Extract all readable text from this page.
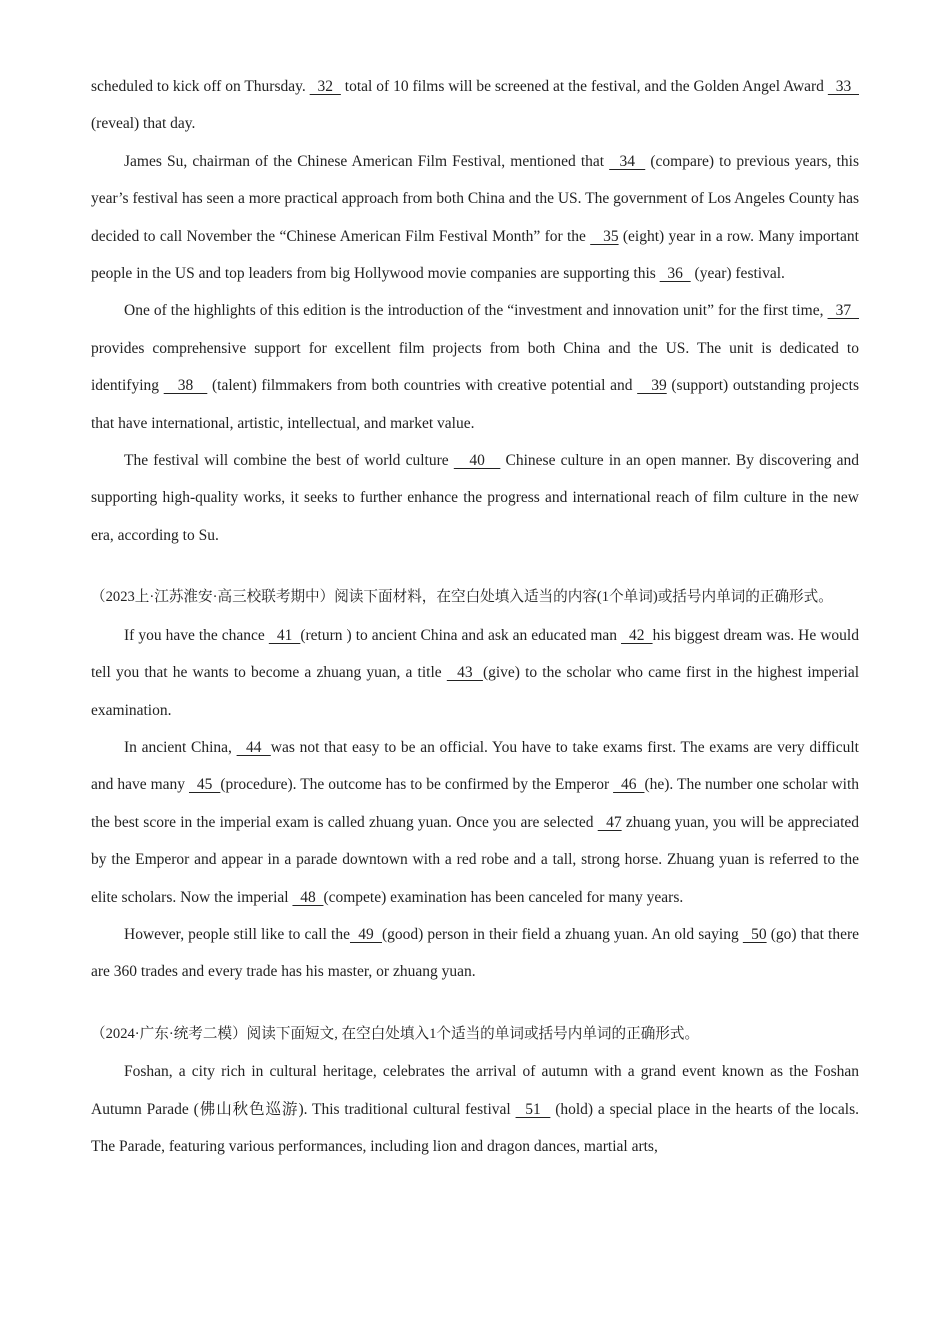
scheduled to kick off on Thursday.   32   total of 10 films will be screened at the festival, and the Golden Angel Award   33   (reveal) that day.

James Su, chairman of the Chinese American Film Festival, mentioned that   34   (compare) to previous years, this year’s festival has seen a more practical approach from both China and the US. The government of Los Angeles County has decided to call November the “Chinese American Film Festival Month” for the    35 (eight) year in a row. Many important people in the US and top leaders from big Hollywood movie companies are supporting this   36   (year) festival.

One of the highlights of this edition is the introduction of the “investment and innovation unit” for the first time,   37   provides comprehensive support for excellent film projects from both China and the US. The unit is dedicated to identifying    38    (talent) filmmakers from both countries with creative potential and    39 (support) outstanding projects that have international, artistic, intellectual, and market value.

The festival will combine the best of world culture    40    Chinese culture in an open manner. By discovering and supporting high-quality works, it seeks to further enhance the progress and international reach of film culture in the new era, according to Su.

（2023上·江苏淮安·高三校联考期中）阅读下面材料，在空白处填入适当的内容(1个单词)或括号内单词的正确形式。

If you have the chance   41  (return ) to ancient China and ask an educated man   42  his biggest dream was. He would tell you that he wants to become a zhuang yuan, a title   43  (give) to the scholar who came first in the highest imperial examination.

In ancient China,   44  was not that easy to be an official. You have to take exams first. The exams are very difficult and have many   45  (procedure). The outcome has to be confirmed by the Emperor   46  (he). The number one scholar with the best score in the imperial exam is called zhuang yuan. Once you are selected   47 zhuang yuan, you will be appreciated by the Emperor and appear in a parade downtown with a red robe and a tall, strong horse. Zhuang yuan is referred to the elite scholars. Now the imperial   48  (compete) examination has been canceled for many years.

However, people still like to call the  49  (good) person in their field a zhuang yuan. An old saying   50 (go) that there are 360 trades and every trade has his master, or zhuang yuan.

（2024·广东·统考二模）阅读下面短文, 在空白处填入1个适当的单词或括号内单词的正确形式。

Foshan, a city rich in cultural heritage, celebrates the arrival of autumn with a grand event known as the Foshan Autumn Parade (佛山秋色巡游). This traditional cultural festival   51   (hold) a special place in the hearts of the locals. The Parade, featuring various performances, including lion and dragon dances, martial arts,
